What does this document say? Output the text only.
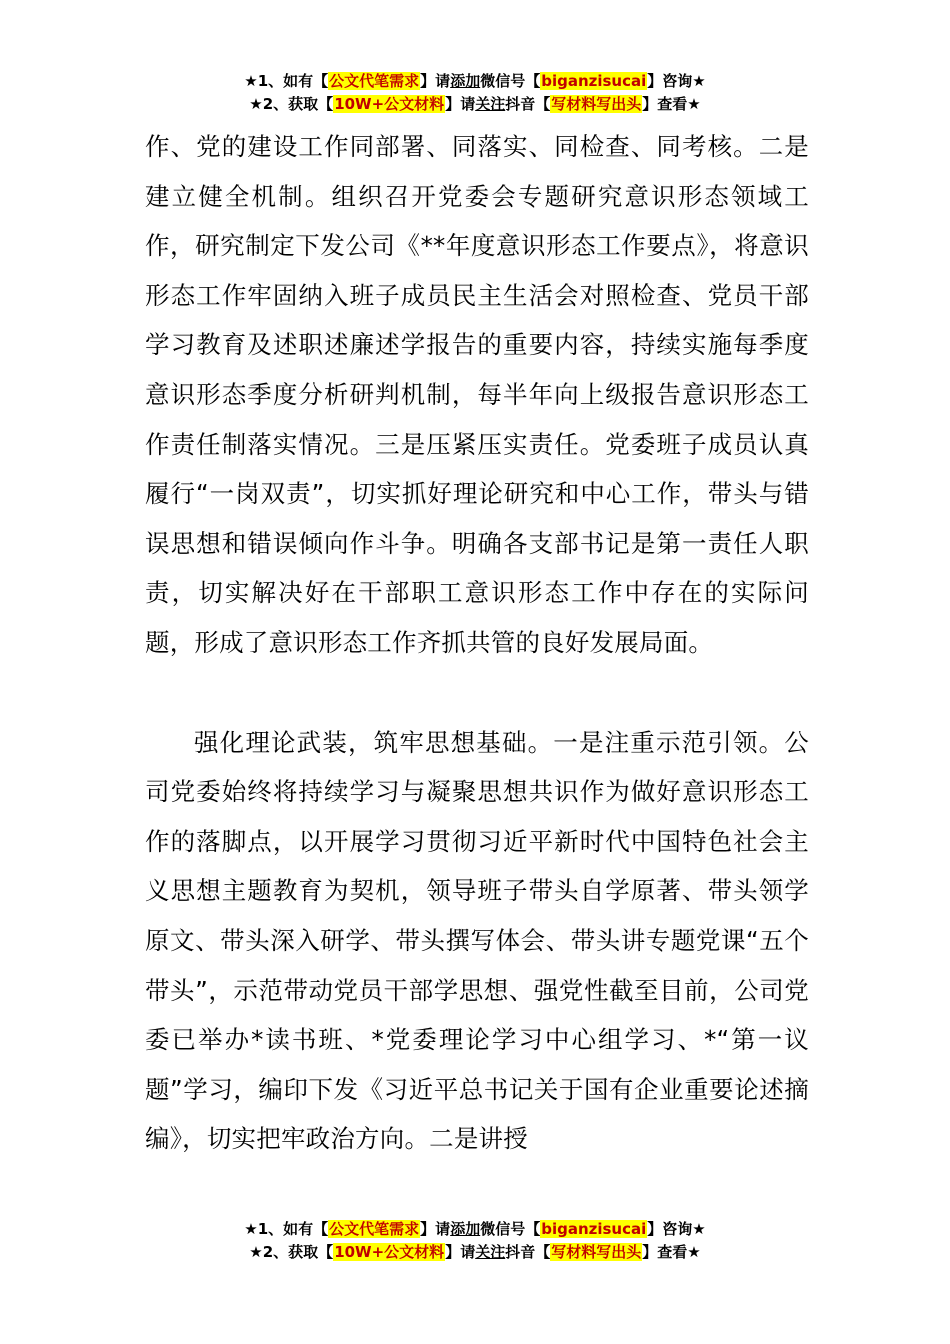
★1、如有【公文代笔需求】请添加微信号【biganzisucai】咨询★
★2、获取【10W+公文材料】请关注抖音【写材料写出头】查看★

作、党的建设工作同部署、同落实、同检查、同考核。二是建立健全机制。组织召开党委会专题研究意识形态领域工作，研究制定下发公司《**年度意识形态工作要点》，将意识形态工作牢固纳入班子成员民主生活会对照检查、党员干部学习教育及述职述廉述学报告的重要内容，持续实施每季度意识形态季度分析研判机制，每半年向上级报告意识形态工作责任制落实情况。三是压紧压实责任。党委班子成员认真履行“一岗双责”，切实抓好理论研究和中心工作，带头与错误思想和错误倾向作斗争。明确各支部书记是第一责任人职责，切实解决好在干部职工意识形态工作中存在的实际问题，形成了意识形态工作齐抓共管的良好发展局面。

强化理论武装，筑牢思想基础。一是注重示范引领。公司党委始终将持续学习与凝聚思想共识作为做好意识形态工作的落脚点，以开展学习贯彻习近平新时代中国特色社会主义思想主题教育为契机，领导班子带头自学原著、带头领学原文、带头深入研学、带头撰写体会、带头讲专题党课“五个带头”，示范带动党员干部学思想、强党性截至目前，公司党委已举办*读书班、*党委理论学习中心组学习、*“第一议题”学习，编印下发《习近平总书记关于国有企业重要论述摘编》，切实把牢政治方向。二是讲授

★1、如有【公文代笔需求】请添加微信号【biganzisucai】咨询★
★2、获取【10W+公文材料】请关注抖音【写材料写出头】查看★
